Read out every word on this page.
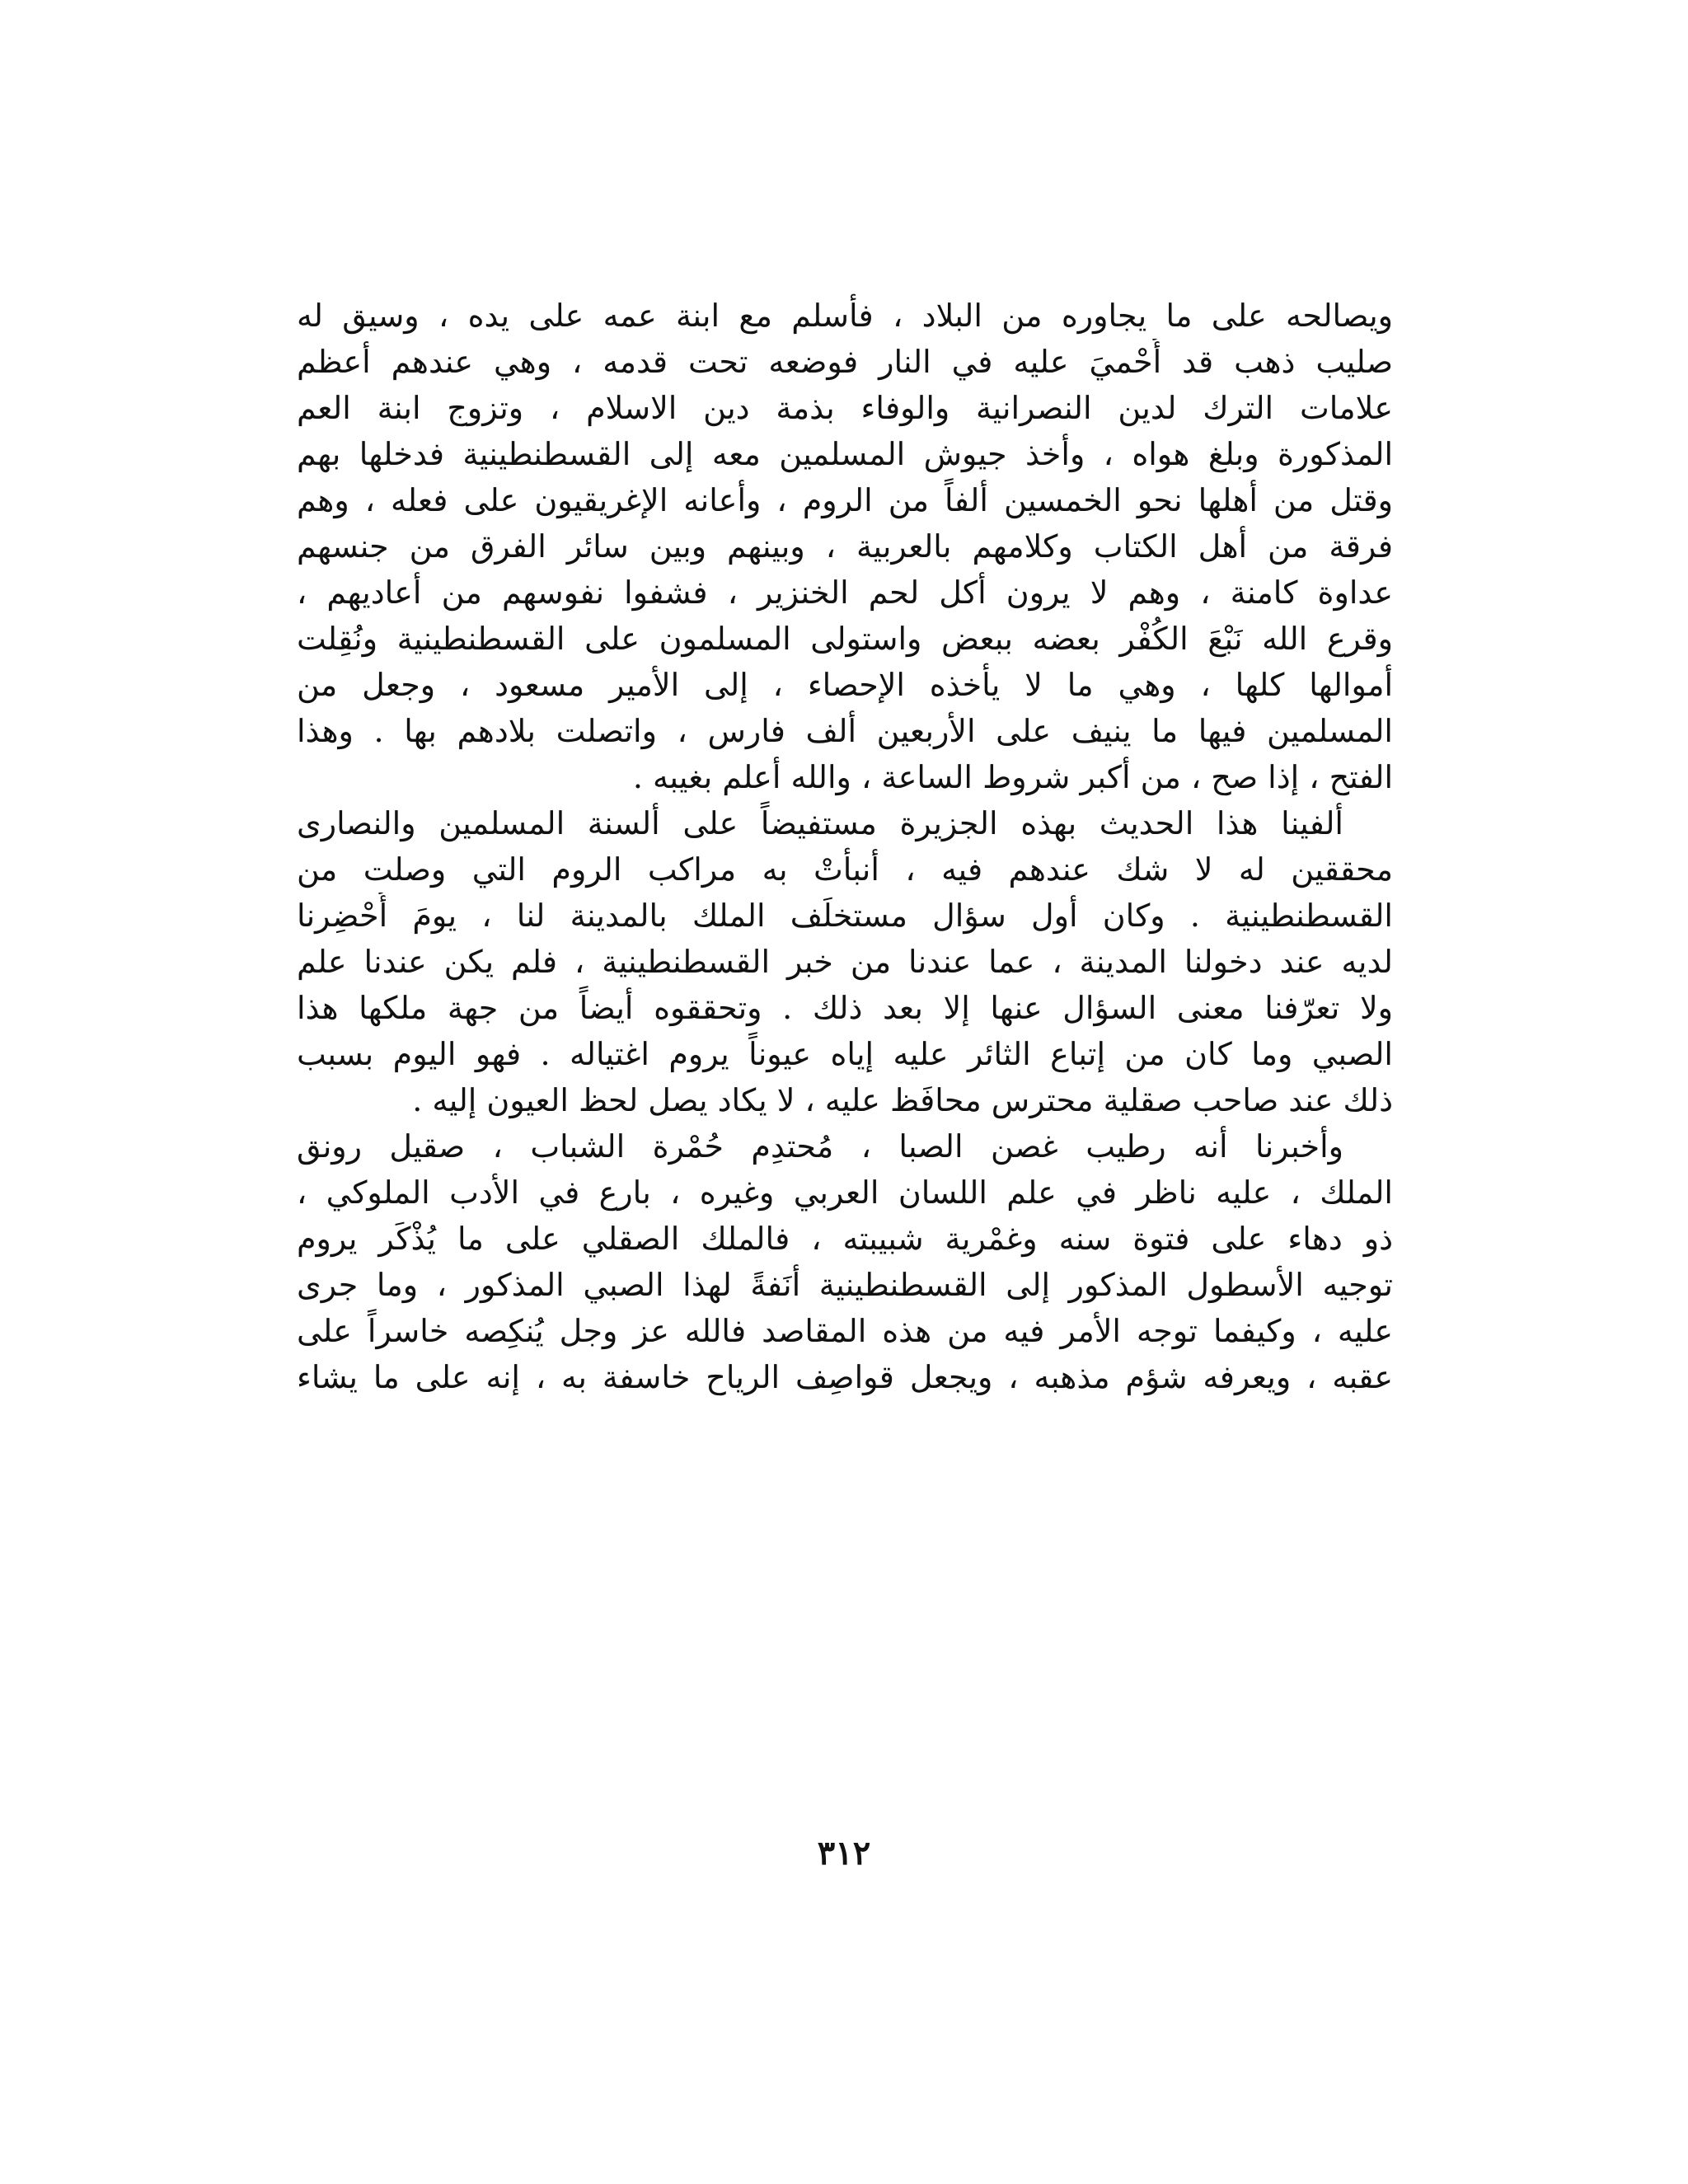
ويصالحه على ما يجاوره من البلاد ، فأسلم مع ابنة عمه على يده ، وسيق له
صليب ذهب قد أُحْميَ عليه في النار فوضعه تحت قدمه ، وهي عندهم أعظم
علامات الترك لدين النصرانية والوفاء بذمة دين الاسلام ، وتزوج ابنة العم
المذكورة وبلغ هواه ، وأخذ جيوش المسلمين معه إلى القسطنطينية فدخلها بهم
وقتل من أهلها نحو الخمسين ألفاً من الروم ، وأعانه الإغريقيون على فعله ، وهم
فرقة من أهل الكتاب وكلامهم بالعربية ، وبينهم وبين سائر الفرق من جنسهم
عداوة كامنة ، وهم لا يرون أكل لحم الخنزير ، فشفوا نفوسهم من أعاديهم ،
وقرع الله نَبْعَ الكُفْر بعضه ببعض واستولى المسلمون على القسطنطينية ونُقِلت
أموالها كلها ، وهي ما لا يأخذه الإحصاء ، إلى الأمير مسعود ، وجعل من
المسلمين فيها ما ينيف على الأربعين ألف فارس ، واتصلت بلادهم بها . وهذا
الفتح ، إذا صح ، من أكبر شروط الساعة ، والله أعلم بغيبه .
ألفينا هذا الحديث بهذه الجزيرة مستفيضاً على ألسنة المسلمين والنصارى
محققين له لا شك عندهم فيه ، أنبأتْ به مراكب الروم التي وصلت من
القسطنطينية . وكان أول سؤال مستخلَف الملك بالمدينة لنا ، يومَ أُحْضِرنا
لديه عند دخولنا المدينة ، عما عندنا من خبر القسطنطينية ، فلم يكن عندنا علم
ولا تعرّفنا معنى السؤال عنها إلا بعد ذلك . وتحققوه أيضاً من جهة ملكها هذا
الصبي وما كان من إتباع الثائر عليه إياه عيوناً يروم اغتياله . فهو اليوم بسبب
ذلك عند صاحب صقلية محترس محافَظ عليه ، لا يكاد يصل لحظ العيون إليه .
وأخبرنا أنه رطيب غصن الصبا ، مُحتدِم حُمْرة الشباب ، صقيل رونق
الملك ، عليه ناظر في علم اللسان العربي وغيره ، بارع في الأدب الملوكي ،
ذو دهاء على فتوة سنه وغمْرية شبيبته ، فالملك الصقلي على ما يُذْكَر يروم
توجيه الأسطول المذكور إلى القسطنطينية أنَفةً لهذا الصبي المذكور ، وما جرى
عليه ، وكيفما توجه الأمر فيه من هذه المقاصد فالله عز وجل يُنكِصه خاسراً على
عقبه ، ويعرفه شؤم مذهبه ، ويجعل قواصِف الرياح خاسفة به ، إنه على ما يشاء
٣١٢
